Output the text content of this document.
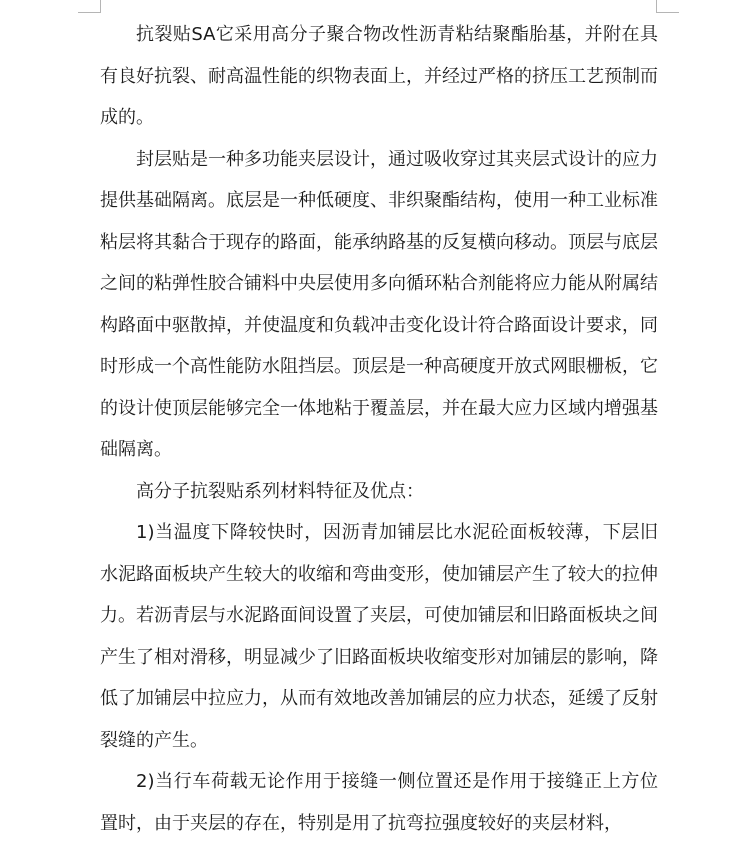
抗裂贴SA它采用高分子聚合物改性沥青粘结聚酯胎基，并附在具有良好抗裂、耐高温性能的织物表面上，并经过严格的挤压工艺预制而成的。

封层贴是一种多功能夹层设计，通过吸收穿过其夹层式设计的应力提供基础隔离。底层是一种低硬度、非织聚酯结构，使用一种工业标准粘层将其黏合于现存的路面，能承纳路基的反复横向移动。顶层与底层之间的粘弹性胶合铺料中央层使用多向循环粘合剂能将应力能从附属结构路面中驱散掉，并使温度和负载冲击变化设计符合路面设计要求，同时形成一个高性能防水阻挡层。顶层是一种高硬度开放式网眼栅板，它的设计使顶层能够完全一体地粘于覆盖层，并在最大应力区域内增强基础隔离。

高分子抗裂贴系列材料特征及优点：

1)当温度下降较快时，因沥青加铺层比水泥砼面板较薄，下层旧水泥路面板块产生较大的收缩和弯曲变形，使加铺层产生了较大的拉伸力。若沥青层与水泥路面间设置了夹层，可使加铺层和旧路面板块之间产生了相对滑移，明显减少了旧路面板块收缩变形对加铺层的影响，降低了加铺层中拉应力，从而有效地改善加铺层的应力状态，延缓了反射裂缝的产生。

2)当行车荷载无论作用于接缝一侧位置还是作用于接缝正上方位置时，由于夹层的存在，特别是用了抗弯拉强度较好的夹层材料，
